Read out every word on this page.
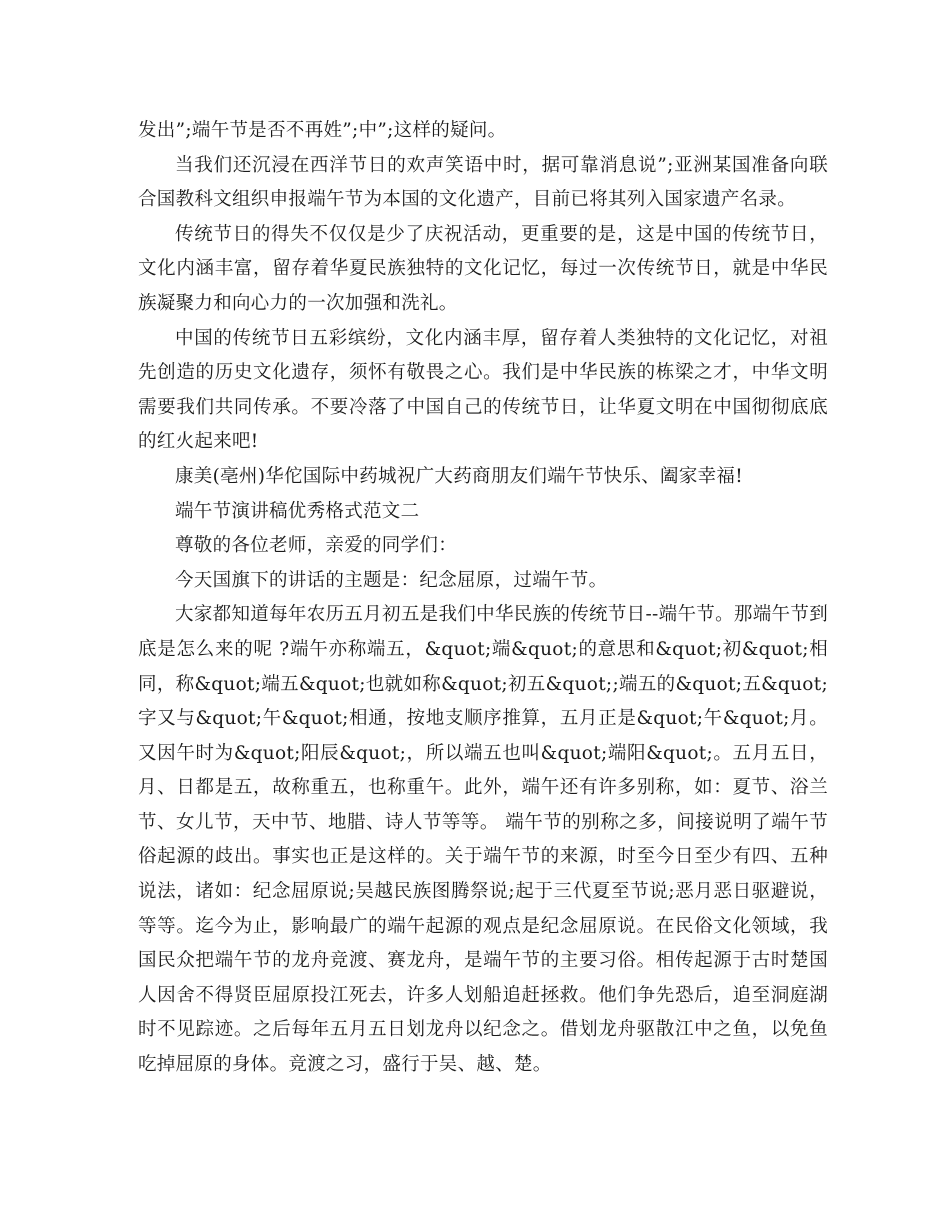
发出”;端午节是否不再姓”;中”;这样的疑问。

当我们还沉浸在西洋节日的欢声笑语中时，据可靠消息说”;亚洲某国准备向联合国教科文组织申报端午节为本国的文化遗产，目前已将其列入国家遗产名录。

传统节日的得失不仅仅是少了庆祝活动，更重要的是，这是中国的传统节日，文化内涵丰富，留存着华夏民族独特的文化记忆，每过一次传统节日，就是中华民族凝聚力和向心力的一次加强和洗礼。

中国的传统节日五彩缤纷，文化内涵丰厚，留存着人类独特的文化记忆，对祖先创造的历史文化遗存，须怀有敬畏之心。我们是中华民族的栋梁之才，中华文明需要我们共同传承。不要冷落了中国自己的传统节日，让华夏文明在中国彻彻底底的红火起来吧!

康美(亳州)华佗国际中药城祝广大药商朋友们端午节快乐、阖家幸福!

端午节演讲稿优秀格式范文二

尊敬的各位老师，亲爱的同学们：

今天国旗下的讲话的主题是：纪念屈原，过端午节。

大家都知道每年农历五月初五是我们中华民族的传统节日--端午节。那端午节到底是怎么来的呢 ?端午亦称端五，&quot;端&quot;的意思和&quot;初&quot;相同，称&quot;端五&quot;也就如称&quot;初五&quot;;端五的&quot;五&quot;字又与&quot;午&quot;相通，按地支顺序推算，五月正是&quot;午&quot;月。又因午时为&quot;阳辰&quot;，所以端五也叫&quot;端阳&quot;。五月五日，月、日都是五，故称重五，也称重午。此外，端午还有许多别称，如：夏节、浴兰节、女儿节，天中节、地腊、诗人节等等。 端午节的别称之多，间接说明了端午节俗起源的歧出。事实也正是这样的。关于端午节的来源，时至今日至少有四、五种说法，诸如：纪念屈原说;吴越民族图腾祭说;起于三代夏至节说;恶月恶日驱避说，等等。迄今为止，影响最广的端午起源的观点是纪念屈原说。在民俗文化领域，我国民众把端午节的龙舟竞渡、赛龙舟，是端午节的主要习俗。相传起源于古时楚国人因舍不得贤臣屈原投江死去，许多人划船追赶拯救。他们争先恐后，追至洞庭湖时不见踪迹。之后每年五月五日划龙舟以纪念之。借划龙舟驱散江中之鱼，以免鱼吃掉屈原的身体。竞渡之习，盛行于吴、越、楚。
